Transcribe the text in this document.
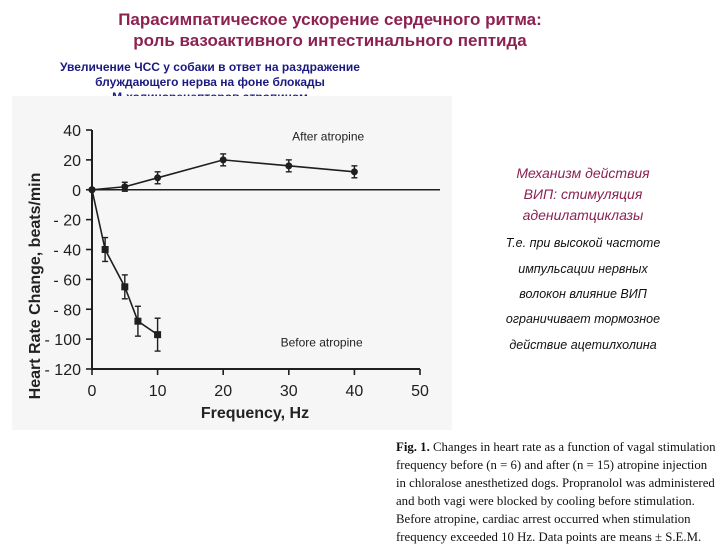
Парасимпатическое ускорение сердечного ритма:
роль вазоактивного интестинального пептида
Увеличение ЧСС у собаки в ответ на раздражение
блуждающего нерва на фоне блокады
Heart Rate Change, beats/min
Frequency, Hz
40
20
0
- 20
- 40
- 60
- 80
- 100
- 120
0	10	20	30	40	50
After atropine
Before atropine
Механизм действия
ВИП: стимуляция
аденилатциклазы
Т.е. при высокой частоте
импульсации нервных
волокон влияние ВИП
ограничивает тормозное
действие ацетилхолина
Fig. 1. Changes in heart rate as a function of vagal stimulation
frequency before (n = 6) and after (n = 15) atropine injection
in chloralose anesthetized dogs. Propranolol was administered
and both vagi were blocked by cooling before stimulation.
Before atropine, cardiac arrest occurred when stimulation
frequency exceeded 10 Hz. Data points are means ± S.E.M.
